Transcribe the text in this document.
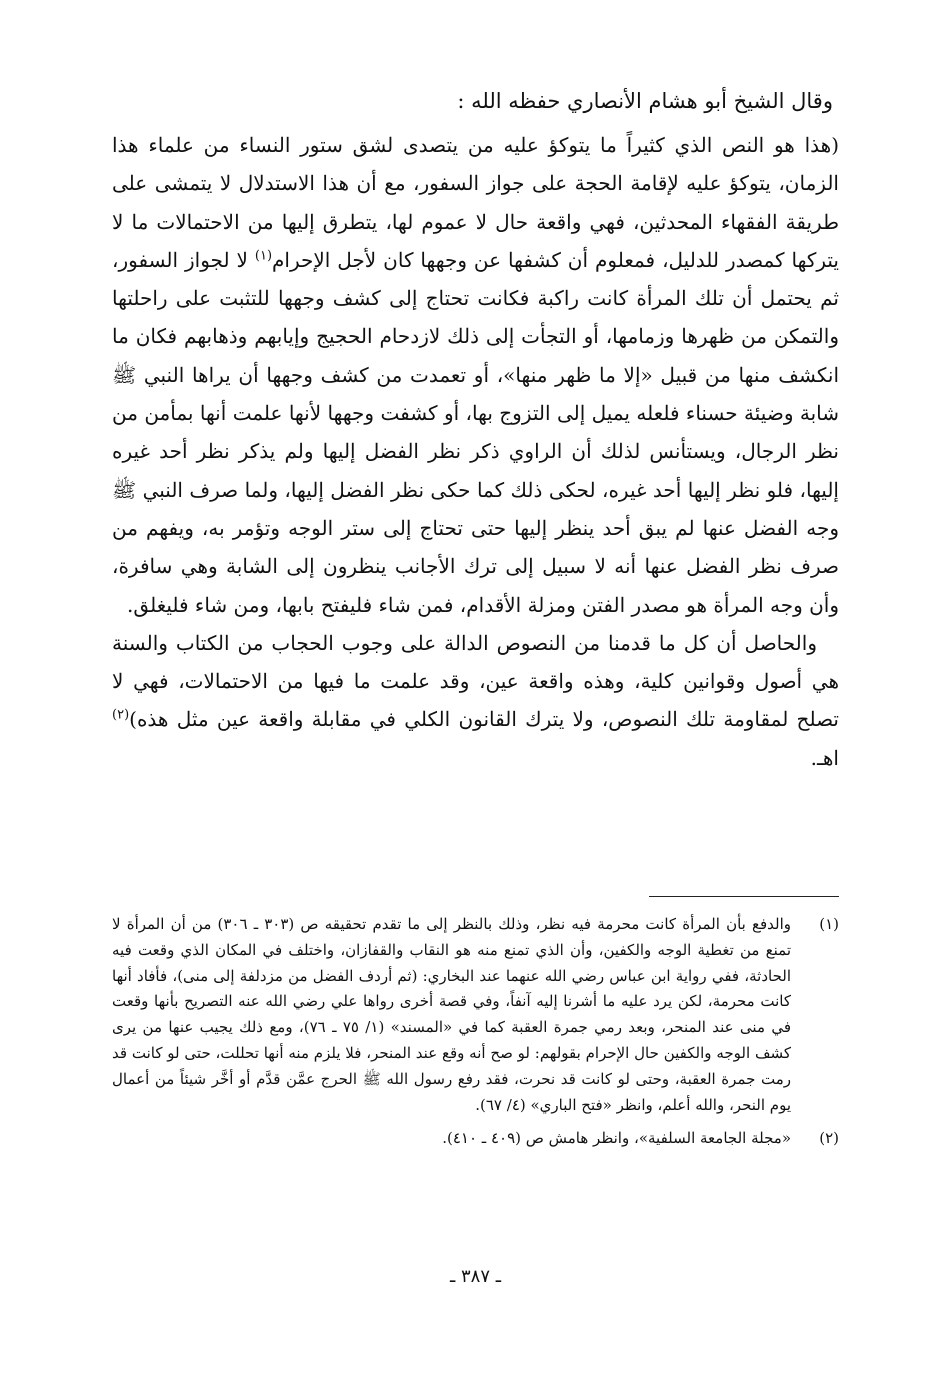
وقال الشيخ أبو هشام الأنصاري حفظه الله :

(هذا هو النص الذي كثيراً ما يتوكؤ عليه من يتصدى لشق ستور النساء من علماء هذا الزمان، يتوكؤ عليه لإقامة الحجة على جواز السفور، مع أن هذا الاستدلال لا يتمشى على طريقة الفقهاء المحدثين، فهي واقعة حال لا عموم لها، يتطرق إليها من الاحتمالات ما لا يتركها كمصدر للدليل، فمعلوم أن كشفها عن وجهها كان لأجل الإحرام$^{(١)}$ لا لجواز السفور، ثم يحتمل أن تلك المرأة كانت راكبة فكانت تحتاج إلى كشف وجهها للتثبت على راحلتها والتمكن من ظهرها وزمامها، أو التجأت إلى ذلك لازدحام الحجيج وإيابهم وذهابهم فكان ما انكشف منها من قبيل «إلا ما ظهر منها»، أو تعمدت من كشف وجهها أن يراها النبي ﷺ شابة وضيئة حسناء فلعله يميل إلى التزوج بها، أو كشفت وجهها لأنها علمت أنها بمأمن من نظر الرجال، ويستأنس لذلك أن الراوي ذكر نظر الفضل إليها ولم يذكر نظر أحد غيره إليها، فلو نظر إليها أحد غيره، لحكى ذلك كما حكى نظر الفضل إليها، ولما صرف النبي ﷺ وجه الفضل عنها لم يبق أحد ينظر إليها حتى تحتاج إلى ستر الوجه وتؤمر به، ويفهم من صرف نظر الفضل عنها أنه لا سبيل إلى ترك الأجانب ينظرون إلى الشابة وهي سافرة، وأن وجه المرأة هو مصدر الفتن ومزلة الأقدام، فمن شاء فليفتح بابها، ومن شاء فليغلق.

والحاصل أن كل ما قدمنا من النصوص الدالة على وجوب الحجاب من الكتاب والسنة هي أصول وقوانين كلية، وهذه واقعة عين، وقد علمت ما فيها من الاحتمالات، فهي لا تصلح لمقاومة تلك النصوص، ولا يترك القانون الكلي في مقابلة واقعة عين مثل هذه)$^{(٢)}$ اهـ.

(١)
والدفع بأن المرأة كانت محرمة فيه نظر، وذلك بالنظر إلى ما تقدم تحقيقه ص (٣٠٣ ـ ٣٠٦) من أن المرأة لا تمنع من تغطية الوجه والكفين، وأن الذي تمنع منه هو النقاب والقفازان، واختلف في المكان الذي وقعت فيه الحادثة، ففي رواية ابن عباس رضي الله عنهما عند البخاري: (ثم أردف الفضل من مزدلفة إلى منى)، فأفاد أنها كانت محرمة، لكن يرد عليه ما أشرنا إليه آنفاً، وفي قصة أخرى رواها علي رضي الله عنه التصريح بأنها وقعت في منى عند المنحر، وبعد رمي جمرة العقبة كما في «المسند» (١/ ٧٥ ـ ٧٦)، ومع ذلك يجيب عنها من يرى كشف الوجه والكفين حال الإحرام بقولهم: لو صح أنه وقع عند المنحر، فلا يلزم منه أنها تحللت، حتى لو كانت قد رمت جمرة العقبة، وحتى لو كانت قد نحرت، فقد رفع رسول الله ﷺ الحرج عمَّن قدَّم أو أخَّر شيئاً من أعمال يوم النحر، والله أعلم، وانظر «فتح الباري» (٤/ ٦٧).

(٢)
«مجلة الجامعة السلفية»، وانظر هامش ص (٤٠٩ ـ ٤١٠).

ـ ٣٨٧ ـ
